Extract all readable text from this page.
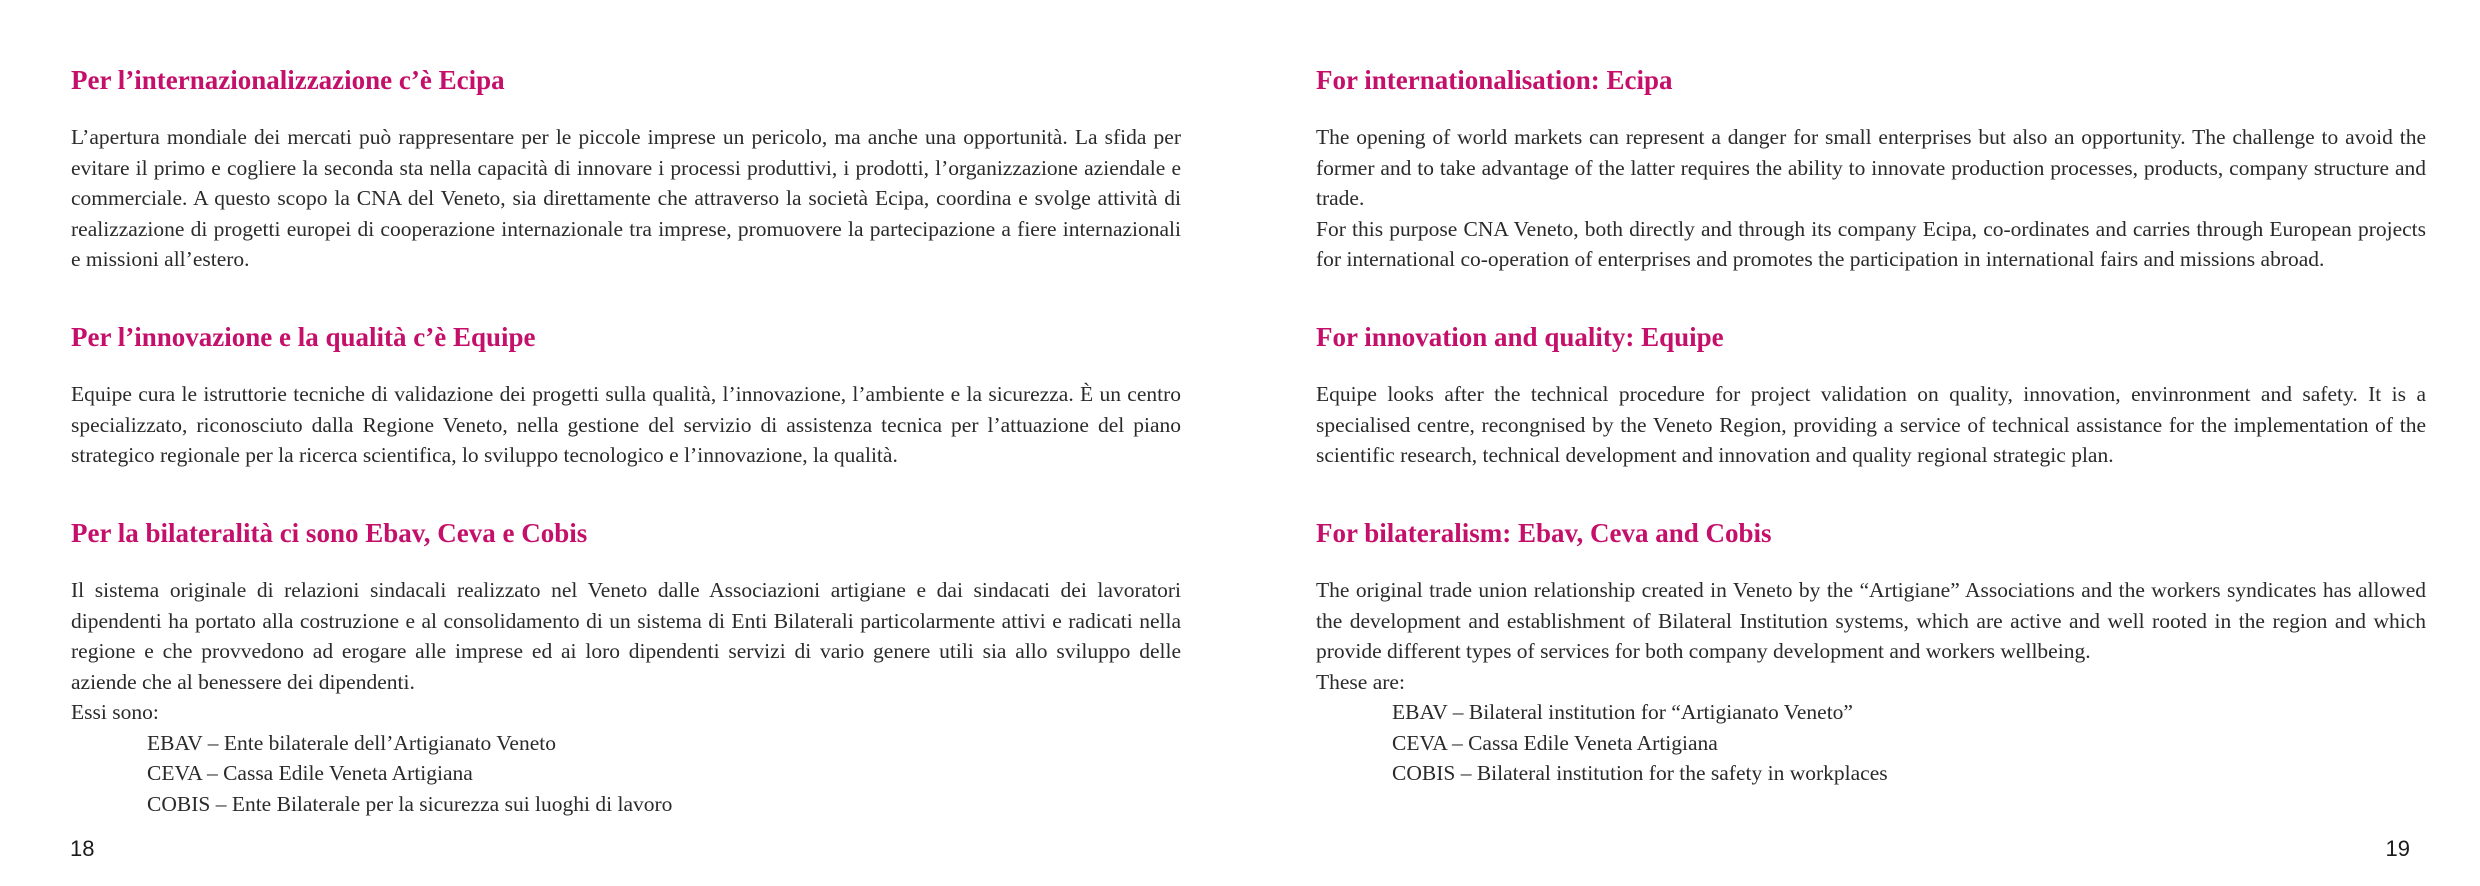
Per l’internazionalizzazione c’è Ecipa

L’apertura mondiale dei mercati può rappresentare per le piccole imprese un pericolo, ma anche una opportunità. La sfida per evitare il primo e cogliere la seconda sta nella capacità di innovare i processi produttivi, i prodotti, l’organizzazione aziendale e commerciale. A questo scopo la CNA del Veneto, sia direttamente che attraverso la società Ecipa, coordina e svolge attività di realizzazione di progetti europei di cooperazione internazionale tra imprese, promuovere la partecipazione a fiere internazionali e missioni all’estero.

Per l’innovazione e la qualità c’è Equipe

Equipe cura le istruttorie tecniche di validazione dei progetti sulla qualità, l’innovazione, l’ambiente e la sicurezza. È un centro specializzato, riconosciuto dalla Regione Veneto, nella gestione del servizio di assistenza tecnica per l’attuazione del piano strategico regionale per la ricerca scientifica, lo sviluppo tecnologico e l’innovazione, la qualità.

Per la bilateralità ci sono Ebav, Ceva e Cobis

Il sistema originale di relazioni sindacali realizzato nel Veneto dalle Associazioni artigiane e dai sindacati dei lavoratori dipendenti ha portato alla costruzione e al consolidamento di un sistema di Enti Bilaterali particolarmente attivi e radicati nella regione e che provvedono ad erogare alle imprese ed ai loro dipendenti servizi di vario genere utili sia allo sviluppo delle aziende che al benessere dei dipendenti.

Essi sono:

EBAV – Ente bilaterale dell’Artigianato Veneto
CEVA – Cassa Edile Veneta Artigiana
COBIS – Ente Bilaterale per la sicurezza sui luoghi di lavoro
18
For internationalisation: Ecipa

The opening of world markets can represent a danger for small enterprises but also an opportunity. The challenge to avoid the former and to take advantage of the latter requires the ability to innovate production processes, products, company structure and trade.

For this purpose CNA Veneto, both directly and through its company Ecipa, co-ordinates and carries through European projects for international co-operation of enterprises and promotes the participation in international fairs and missions abroad.

For innovation and quality: Equipe

Equipe looks after the technical procedure for project validation on quality, innovation, envinronment and safety. It is a specialised centre, recongnised by the Veneto Region, providing a service of technical assistance for the implementation of the scientific research, technical development and innovation and quality regional strategic plan.

For bilateralism: Ebav, Ceva and Cobis

The original trade union relationship created in Veneto by the “Artigiane” Associations and the workers syndicates has allowed the development and establishment of Bilateral Institution systems, which are active and well rooted in the region and which provide different types of services for both company development and workers wellbeing.

These are:

EBAV – Bilateral institution for “Artigianato Veneto”
CEVA – Cassa Edile Veneta Artigiana
COBIS – Bilateral institution for the safety in workplaces
19
